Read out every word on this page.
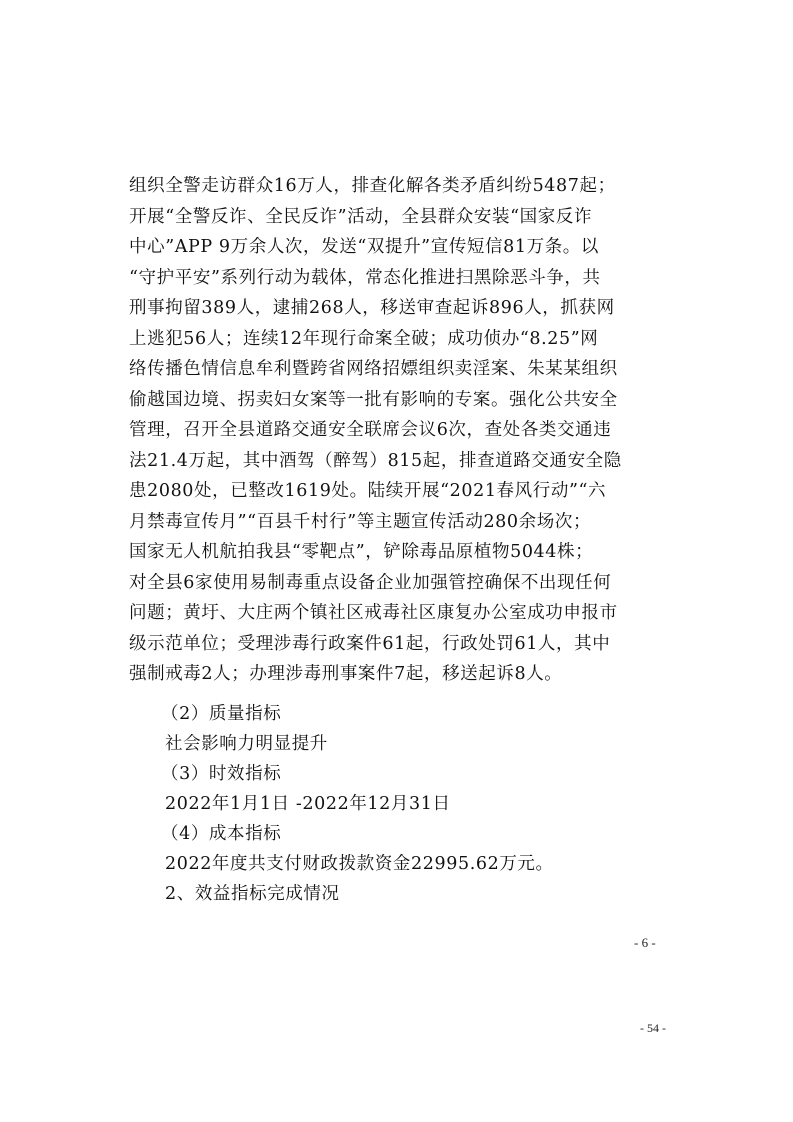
组织全警走访群众16万人，排查化解各类矛盾纠纷5487起；
开展“全警反诈、全民反诈”活动，全县群众安装“国家反诈
中心”APP 9万余人次，发送“双提升”宣传短信81万条。以
“守护平安”系列行动为载体，常态化推进扫黑除恶斗争，共
刑事拘留389人，逮捕268人，移送审查起诉896人，抓获网
上逃犯56人；连续12年现行命案全破；成功侦办“8.25”网
络传播色情信息牟利暨跨省网络招嫖组织卖淫案、朱某某组织
偷越国边境、拐卖妇女案等一批有影响的专案。强化公共安全
管理，召开全县道路交通安全联席会议6次，查处各类交通违
法21.4万起，其中酒驾（醉驾）815起，排查道路交通安全隐
患2080处，已整改1619处。陆续开展“2021春风行动”“六
月禁毒宣传月”“百县千村行”等主题宣传活动280余场次；
国家无人机航拍我县“零靶点”，铲除毒品原植物5044株；
对全县6家使用易制毒重点设备企业加强管控确保不出现任何
问题；黄圩、大庄两个镇社区戒毒社区康复办公室成功申报市
级示范单位；受理涉毒行政案件61起，行政处罚61人，其中
强制戒毒2人；办理涉毒刑事案件7起，移送起诉8人。
（2）质量指标
社会影响力明显提升
（3）时效指标
2022年1月1日 -2022年12月31日
（4）成本指标
2022年度共支付财政拨款资金22995.62万元。
2、效益指标完成情况
- 6 -
- 54 -
